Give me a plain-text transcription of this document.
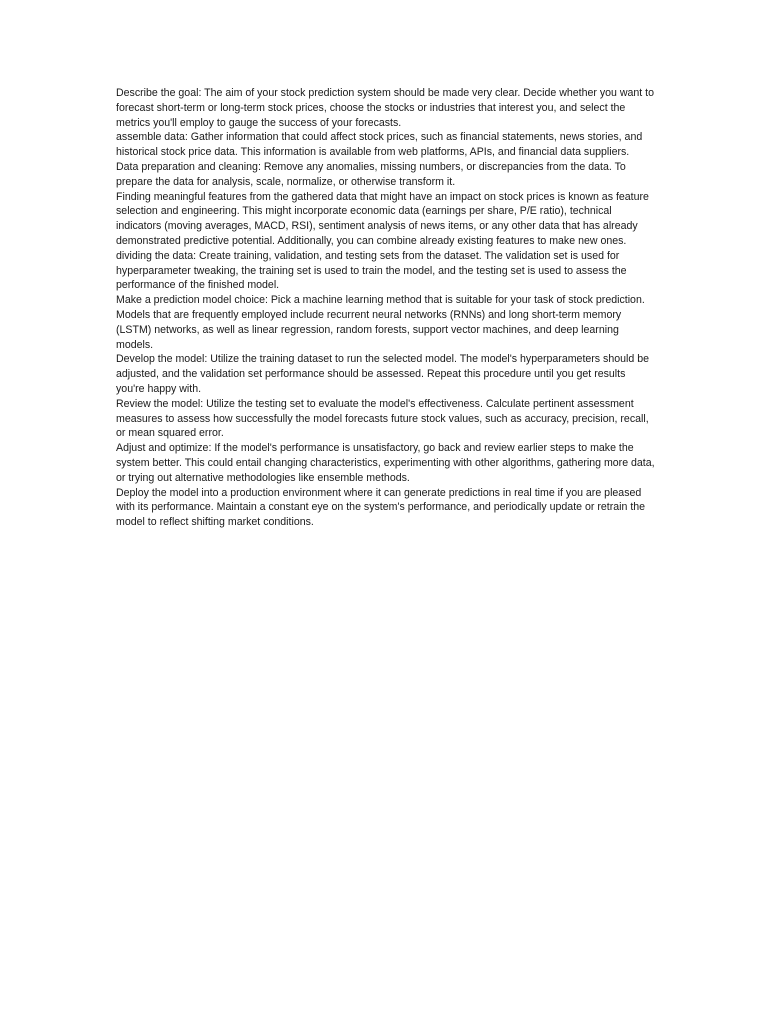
Describe the goal: The aim of your stock prediction system should be made very clear. Decide whether you want to forecast short-term or long-term stock prices, choose the stocks or industries that interest you, and select the metrics you'll employ to gauge the success of your forecasts.

assemble data: Gather information that could affect stock prices, such as financial statements, news stories, and historical stock price data. This information is available from web platforms, APIs, and financial data suppliers.

Data preparation and cleaning: Remove any anomalies, missing numbers, or discrepancies from the data. To prepare the data for analysis, scale, normalize, or otherwise transform it.

Finding meaningful features from the gathered data that might have an impact on stock prices is known as feature selection and engineering. This might incorporate economic data (earnings per share, P/E ratio), technical indicators (moving averages, MACD, RSI), sentiment analysis of news items, or any other data that has already demonstrated predictive potential. Additionally, you can combine already existing features to make new ones.

dividing the data: Create training, validation, and testing sets from the dataset. The validation set is used for hyperparameter tweaking, the training set is used to train the model, and the testing set is used to assess the performance of the finished model.

Make a prediction model choice: Pick a machine learning method that is suitable for your task of stock prediction. Models that are frequently employed include recurrent neural networks (RNNs) and long short-term memory (LSTM) networks, as well as linear regression, random forests, support vector machines, and deep learning models.

Develop the model: Utilize the training dataset to run the selected model. The model's hyperparameters should be adjusted, and the validation set performance should be assessed. Repeat this procedure until you get results you're happy with.

Review the model: Utilize the testing set to evaluate the model's effectiveness. Calculate pertinent assessment measures to assess how successfully the model forecasts future stock values, such as accuracy, precision, recall, or mean squared error.

Adjust and optimize: If the model's performance is unsatisfactory, go back and review earlier steps to make the system better. This could entail changing characteristics, experimenting with other algorithms, gathering more data, or trying out alternative methodologies like ensemble methods.

Deploy the model into a production environment where it can generate predictions in real time if you are pleased with its performance. Maintain a constant eye on the system's performance, and periodically update or retrain the model to reflect shifting market conditions.
